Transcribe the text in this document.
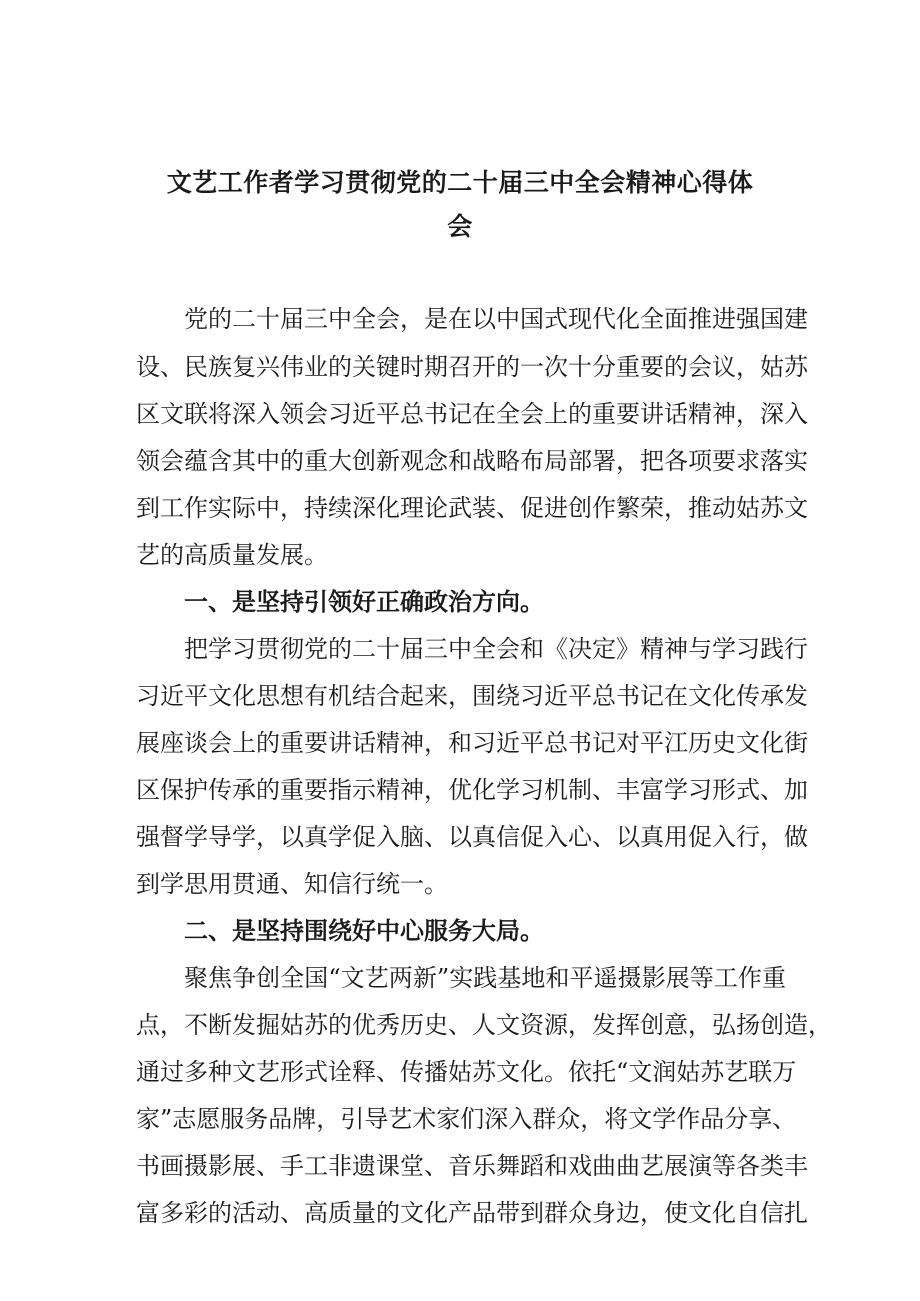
文艺工作者学习贯彻党的二十届三中全会精神心得体
会
党的二十届三中全会，是在以中国式现代化全面推进强国建
设、民族复兴伟业的关键时期召开的一次十分重要的会议，姑苏
区文联将深入领会习近平总书记在全会上的重要讲话精神，深入
领会蕴含其中的重大创新观念和战略布局部署，把各项要求落实
到工作实际中，持续深化理论武装、促进创作繁荣，推动姑苏文
艺的高质量发展。
一、是坚持引领好正确政治方向。
把学习贯彻党的二十届三中全会和《决定》精神与学习践行
习近平文化思想有机结合起来，围绕习近平总书记在文化传承发
展座谈会上的重要讲话精神，和习近平总书记对平江历史文化街
区保护传承的重要指示精神，优化学习机制、丰富学习形式、加
强督学导学，以真学促入脑、以真信促入心、以真用促入行，做
到学思用贯通、知信行统一。
二、是坚持围绕好中心服务大局。
聚焦争创全国“文艺两新”实践基地和平遥摄影展等工作重
点，不断发掘姑苏的优秀历史、人文资源，发挥创意，弘扬创造，
通过多种文艺形式诠释、传播姑苏文化。依托“文润姑苏艺联万
家”志愿服务品牌，引导艺术家们深入群众，将文学作品分享、
书画摄影展、手工非遗课堂、音乐舞蹈和戏曲曲艺展演等各类丰
富多彩的活动、高质量的文化产品带到群众身边，使文化自信扎
